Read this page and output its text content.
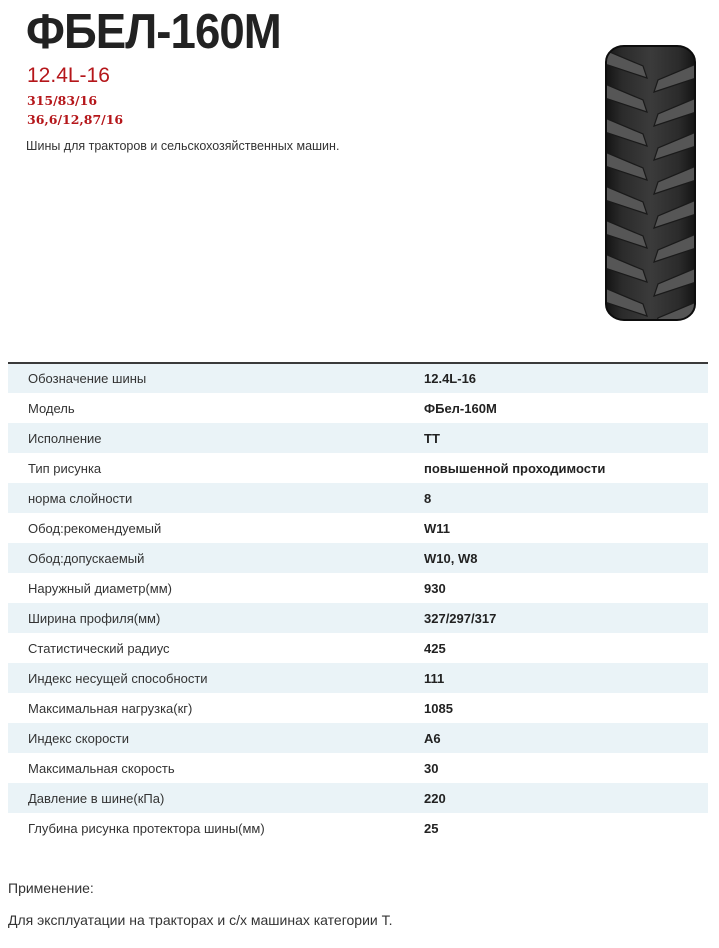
ФБЕЛ-160М
12.4L-16
315/83/16
36,6/12,87/16
Шины для тракторов и сельскохозяйственных машин.
Обозначение шины	12.4L-16
Модель	ФБел-160М
Исполнение	ТТ
Тип рисунка	повышенной проходимости
норма слойности	8
Обод:рекомендуемый	W11
Обод:допускаемый	W10, W8
Наружный диаметр(мм)	930
Ширина профиля(мм)	327/297/317
Статистический радиус	425
Индекс несущей способности	111
Максимальная нагрузка(кг)	1085
Индекс скорости	А6
Максимальная скорость	30
Давление в шине(кПа)	220
Глубина рисунка протектора шины(мм)	25
Применение:
Для эксплуатации на тракторах и с/х машинах категории Т.
